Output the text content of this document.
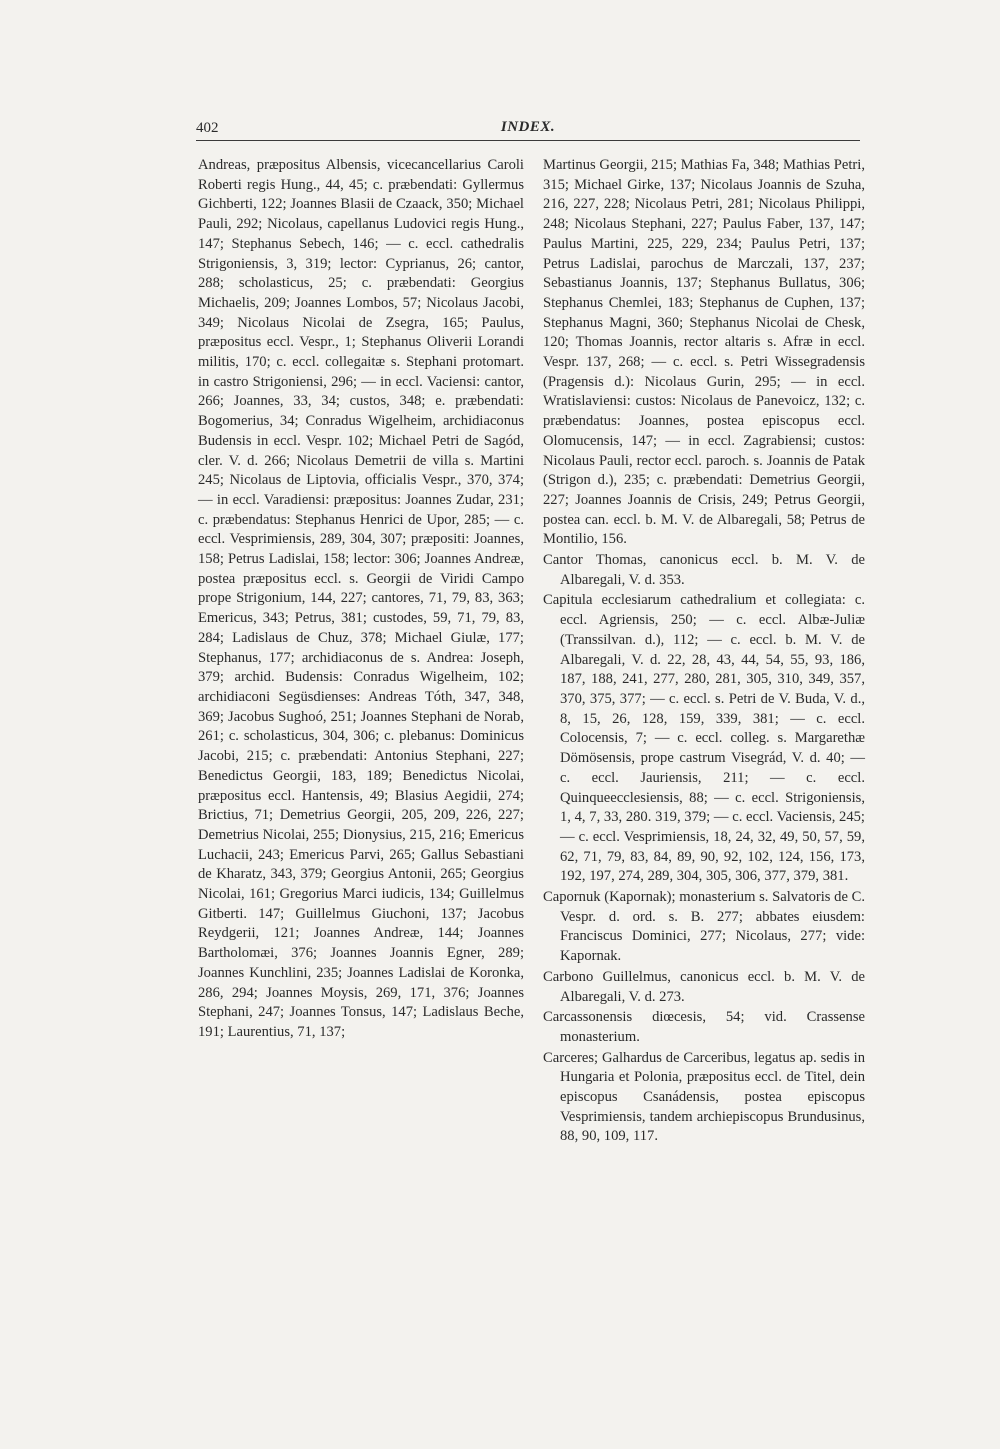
402	INDEX.

Andreas, præpositus Albensis, vicecancellarius Caroli Roberti regis Hung., 44, 45; c. præbendati: Gyllermus Gichberti, 122; Joannes Blasii de Czaack, 350; Michael Pauli, 292; Nicolaus, capellanus Ludovici regis Hung., 147; Stephanus Sebech, 146; — c. eccl. cathedralis Strigoniensis, 3, 319; lector: Cyprianus, 26; cantor, 288; scholasticus, 25; c. præbendati: Georgius Michaelis, 209; Joannes Lombos, 57; Nicolaus Jacobi, 349; Nicolaus Nicolai de Zsegra, 165; Paulus, præpositus eccl. Vespr., 1; Stephanus Oliverii Lorandi militis, 170; c. eccl. collegaitæ s. Stephani protomart. in castro Strigoniensi, 296; — in eccl. Vaciensi: cantor, 266; Joannes, 33, 34; custos, 348; e. præbendati: Bogomerius, 34; Conradus Wigelheim, archidiaconus Budensis in eccl. Vespr. 102; Michael Petri de Sagód, cler. V. d. 266; Nicolaus Demetrii de villa s. Martini 245; Nicolaus de Liptovia, officialis Vespr., 370, 374; — in eccl. Varadiensi: præpositus: Joannes Zudar, 231; c. præbendatus: Stephanus Henrici de Upor, 285; — c. eccl. Vesprimiensis, 289, 304, 307; præpositi: Joannes, 158; Petrus Ladislai, 158; lector: 306; Joannes Andreæ, postea præpositus eccl. s. Georgii de Viridi Campo prope Strigonium, 144, 227; cantores, 71, 79, 83, 363; Emericus, 343; Petrus, 381; custodes, 59, 71, 79, 83, 284; Ladislaus de Chuz, 378; Michael Giulæ, 177; Stephanus, 177; archidiaconus de s. Andrea: Joseph, 379; archid. Budensis: Conradus Wigelheim, 102; archidiaconi Següsdienses: Andreas Tóth, 347, 348, 369; Jacobus Sughoó, 251; Joannes Stephani de Norab, 261; c. scholasticus, 304, 306; c. plebanus: Dominicus Jacobi, 215; c. præbendati: Antonius Stephani, 227; Benedictus Georgii, 183, 189; Benedictus Nicolai, præpositus eccl. Hantensis, 49; Blasius Aegidii, 274; Brictius, 71; Demetrius Georgii, 205, 209, 226, 227; Demetrius Nicolai, 255; Dionysius, 215, 216; Emericus Luchacii, 243; Emericus Parvi, 265; Gallus Sebastiani de Kharatz, 343, 379; Georgius Antonii, 265; Georgius Nicolai, 161; Gregorius Marci iudicis, 134; Guillelmus Gitberti. 147; Guillelmus Giuchoni, 137; Jacobus Reydgerii, 121; Joannes Andreæ, 144; Joannes Bartholomæi, 376; Joannes Joannis Egner, 289; Joannes Kunchlini, 235; Joannes Ladislai de Koronka, 286, 294; Joannes Moysis, 269, 171, 376; Joannes Stephani, 247; Joannes Tonsus, 147; Ladislaus Beche, 191; Laurentius, 71, 137;

Martinus Georgii, 215; Mathias Fa, 348; Mathias Petri, 315; Michael Girke, 137; Nicolaus Joannis de Szuha, 216, 227, 228; Nicolaus Petri, 281; Nicolaus Philippi, 248; Nicolaus Stephani, 227; Paulus Faber, 137, 147; Paulus Martini, 225, 229, 234; Paulus Petri, 137; Petrus Ladislai, parochus de Marczali, 137, 237; Sebastianus Joannis, 137; Stephanus Bullatus, 306; Stephanus Chemlei, 183; Stephanus de Cuphen, 137; Stephanus Magni, 360; Stephanus Nicolai de Chesk, 120; Thomas Joannis, rector altaris s. Afræ in eccl. Vespr. 137, 268; — c. eccl. s. Petri Wissegradensis (Pragensis d.): Nicolaus Gurin, 295; — in eccl. Wratislaviensi: custos: Nicolaus de Panevoicz, 132; c. præbendatus: Joannes, postea episcopus eccl. Olomucensis, 147; — in eccl. Zagrabiensi; custos: Nicolaus Pauli, rector eccl. paroch. s. Joannis de Patak (Strigon d.), 235; c. præbendati: Demetrius Georgii, 227; Joannes Joannis de Crisis, 249; Petrus Georgii, postea can. eccl. b. M. V. de Albaregali, 58; Petrus de Montilio, 156.

Cantor Thomas, canonicus eccl. b. M. V. de Albaregali, V. d. 353.

Capitula ecclesiarum cathedralium et collegiata: c. eccl. Agriensis, 250; — c. eccl. Albæ-Juliæ (Transsilvan. d.), 112; — c. eccl. b. M. V. de Albaregali, V. d. 22, 28, 43, 44, 54, 55, 93, 186, 187, 188, 241, 277, 280, 281, 305, 310, 349, 357, 370, 375, 377; — c. eccl. s. Petri de V. Buda, V. d., 8, 15, 26, 128, 159, 339, 381; — c. eccl. Colocensis, 7; — c. eccl. colleg. s. Margarethæ Dömösensis, prope castrum Visegrád, V. d. 40; — c. eccl. Jauriensis, 211; — c. eccl. Quinqueecclesiensis, 88; — c. eccl. Strigoniensis, 1, 4, 7, 33, 280. 319, 379; — c. eccl. Vaciensis, 245; — c. eccl. Vesprimiensis, 18, 24, 32, 49, 50, 57, 59, 62, 71, 79, 83, 84, 89, 90, 92, 102, 124, 156, 173, 192, 197, 274, 289, 304, 305, 306, 377, 379, 381.

Capornuk (Kapornak); monasterium s. Salvatoris de C. Vespr. d. ord. s. B. 277; abbates eiusdem: Franciscus Dominici, 277; Nicolaus, 277; vide: Kapornak.

Carbono Guillelmus, canonicus eccl. b. M. V. de Albaregali, V. d. 273.

Carcassonensis diœcesis, 54; vid. Crassense monasterium.

Carceres; Galhardus de Carceribus, legatus ap. sedis in Hungaria et Polonia, præpositus eccl. de Titel, dein episcopus Csanádensis, postea episcopus Vesprimiensis, tandem archiepiscopus Brundusinus, 88, 90, 109, 117.
